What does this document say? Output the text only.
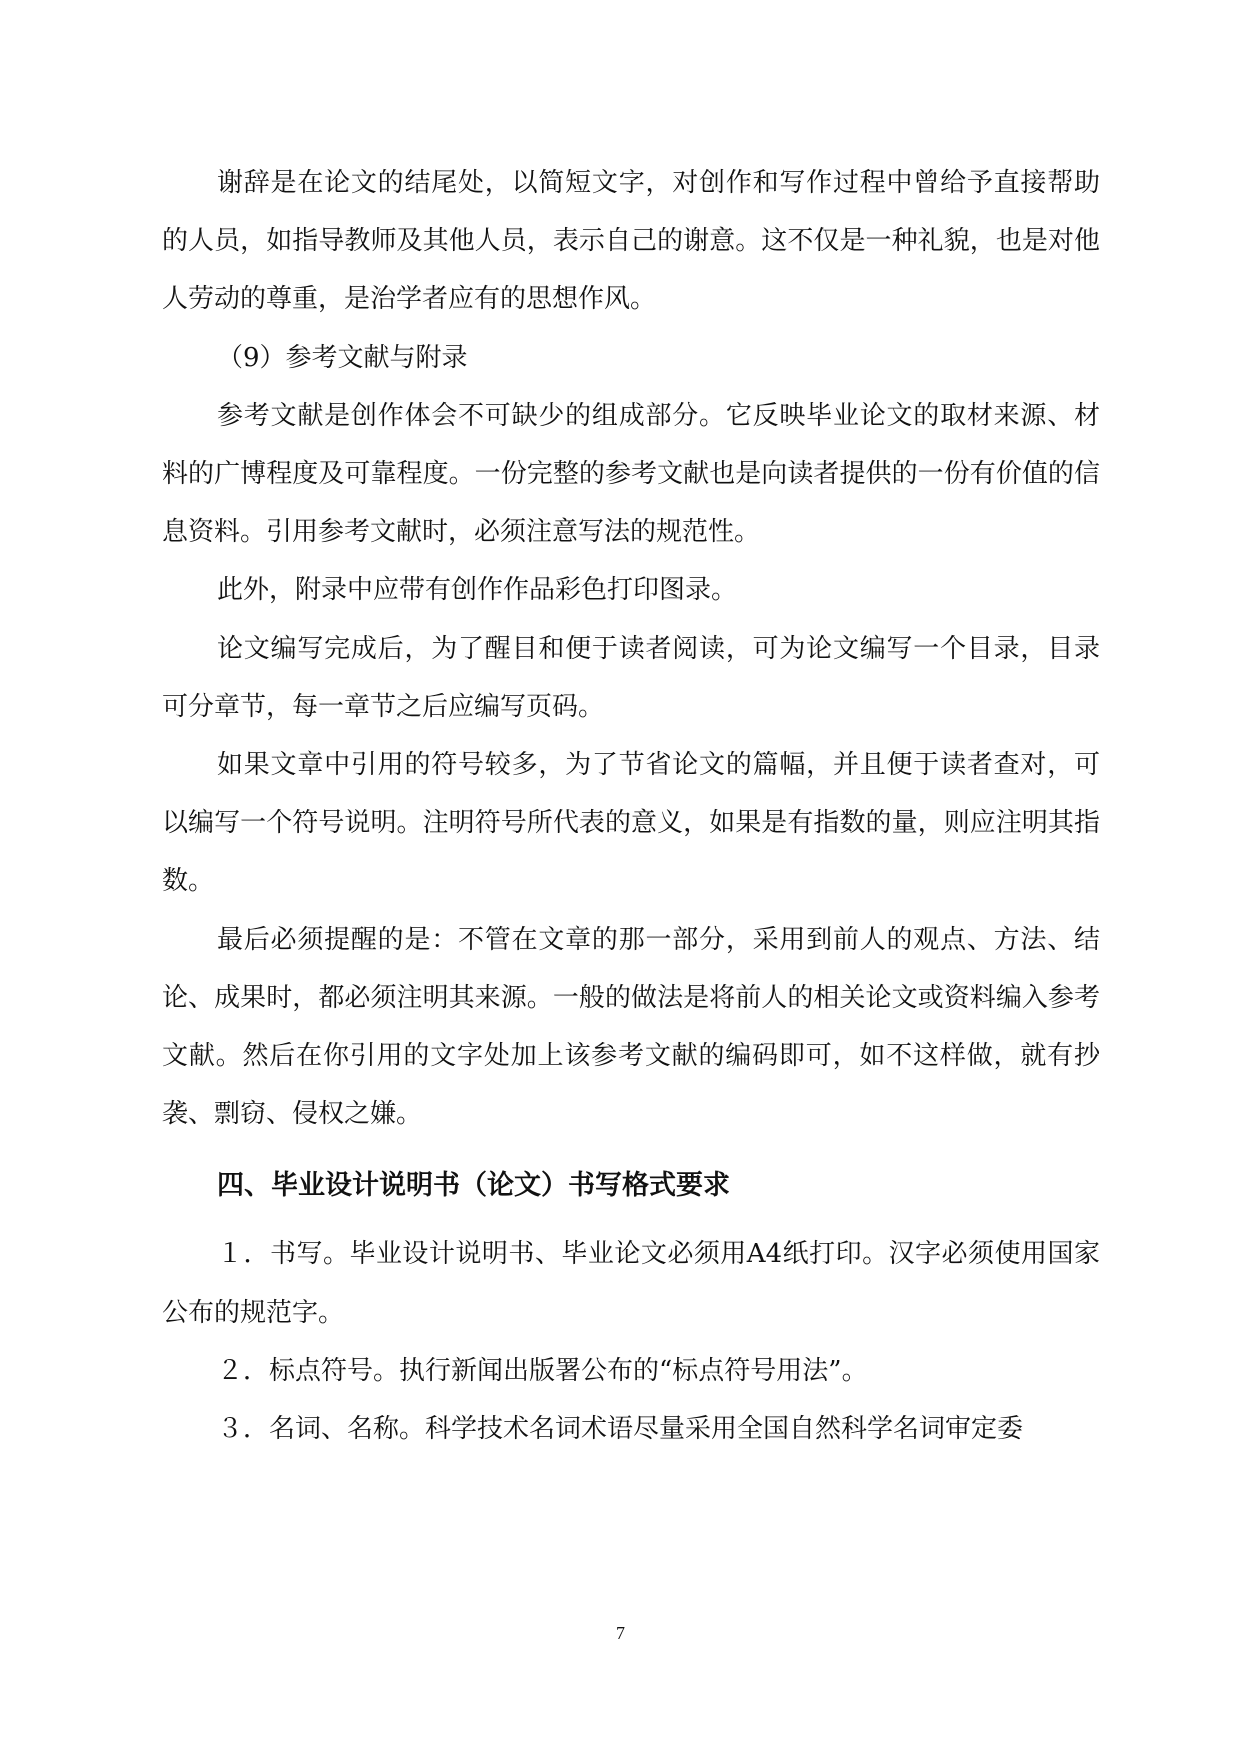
谢辞是在论文的结尾处，以简短文字，对创作和写作过程中曾给予直接帮助的人员，如指导教师及其他人员，表示自己的谢意。这不仅是一种礼貌，也是对他人劳动的尊重，是治学者应有的思想作风。

（9）参考文献与附录

参考文献是创作体会不可缺少的组成部分。它反映毕业论文的取材来源、材料的广博程度及可靠程度。一份完整的参考文献也是向读者提供的一份有价值的信息资料。引用参考文献时，必须注意写法的规范性。

此外，附录中应带有创作作品彩色打印图录。

论文编写完成后，为了醒目和便于读者阅读，可为论文编写一个目录，目录可分章节，每一章节之后应编写页码。

如果文章中引用的符号较多，为了节省论文的篇幅，并且便于读者查对，可以编写一个符号说明。注明符号所代表的意义，如果是有指数的量，则应注明其指数。

最后必须提醒的是：不管在文章的那一部分，采用到前人的观点、方法、结论、成果时，都必须注明其来源。一般的做法是将前人的相关论文或资料编入参考文献。然后在你引用的文字处加上该参考文献的编码即可，如不这样做，就有抄袭、剽窃、侵权之嫌。

四、毕业设计说明书（论文）书写格式要求

１．书写。毕业设计说明书、毕业论文必须用A4纸打印。汉字必须使用国家公布的规范字。

２．标点符号。执行新闻出版署公布的“标点符号用法”。

３．名词、名称。科学技术名词术语尽量采用全国自然科学名词审定委

7
